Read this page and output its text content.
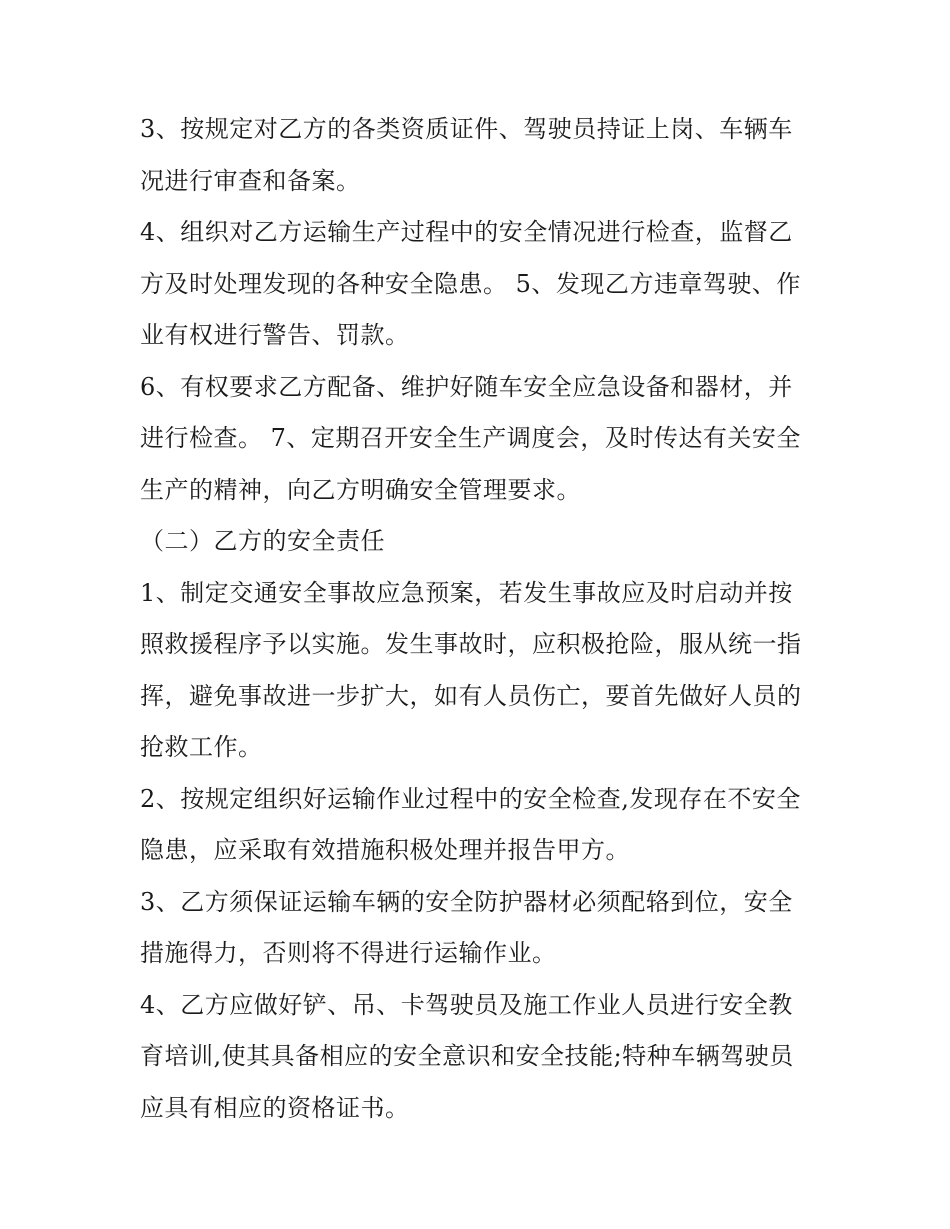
3、按规定对乙方的各类资质证件、驾驶员持证上岗、车辆车
况进行审查和备案。

4、组织对乙方运输生产过程中的安全情况进行检查，监督乙
方及时处理发现的各种安全隐患。 5、发现乙方违章驾驶、作
业有权进行警告、罚款。

6、有权要求乙方配备、维护好随车安全应急设备和器材，并
进行检查。 7、定期召开安全生产调度会，及时传达有关安全
生产的精神，向乙方明确安全管理要求。

（二）乙方的安全责任

1、制定交通安全事故应急预案，若发生事故应及时启动并按
照救援程序予以实施。发生事故时，应积极抢险，服从统一指
挥，避免事故进一步扩大，如有人员伤亡，要首先做好人员的
抢救工作。

2、按规定组织好运输作业过程中的安全检查,发现存在不安全
隐患，应采取有效措施积极处理并报告甲方。

3、乙方须保证运输车辆的安全防护器材必须配辂到位，安全
措施得力，否则将不得进行运输作业。

4、乙方应做好铲、吊、卡驾驶员及施工作业人员进行安全教
育培训,使其具备相应的安全意识和安全技能;特种车辆驾驶员
应具有相应的资格证书。
